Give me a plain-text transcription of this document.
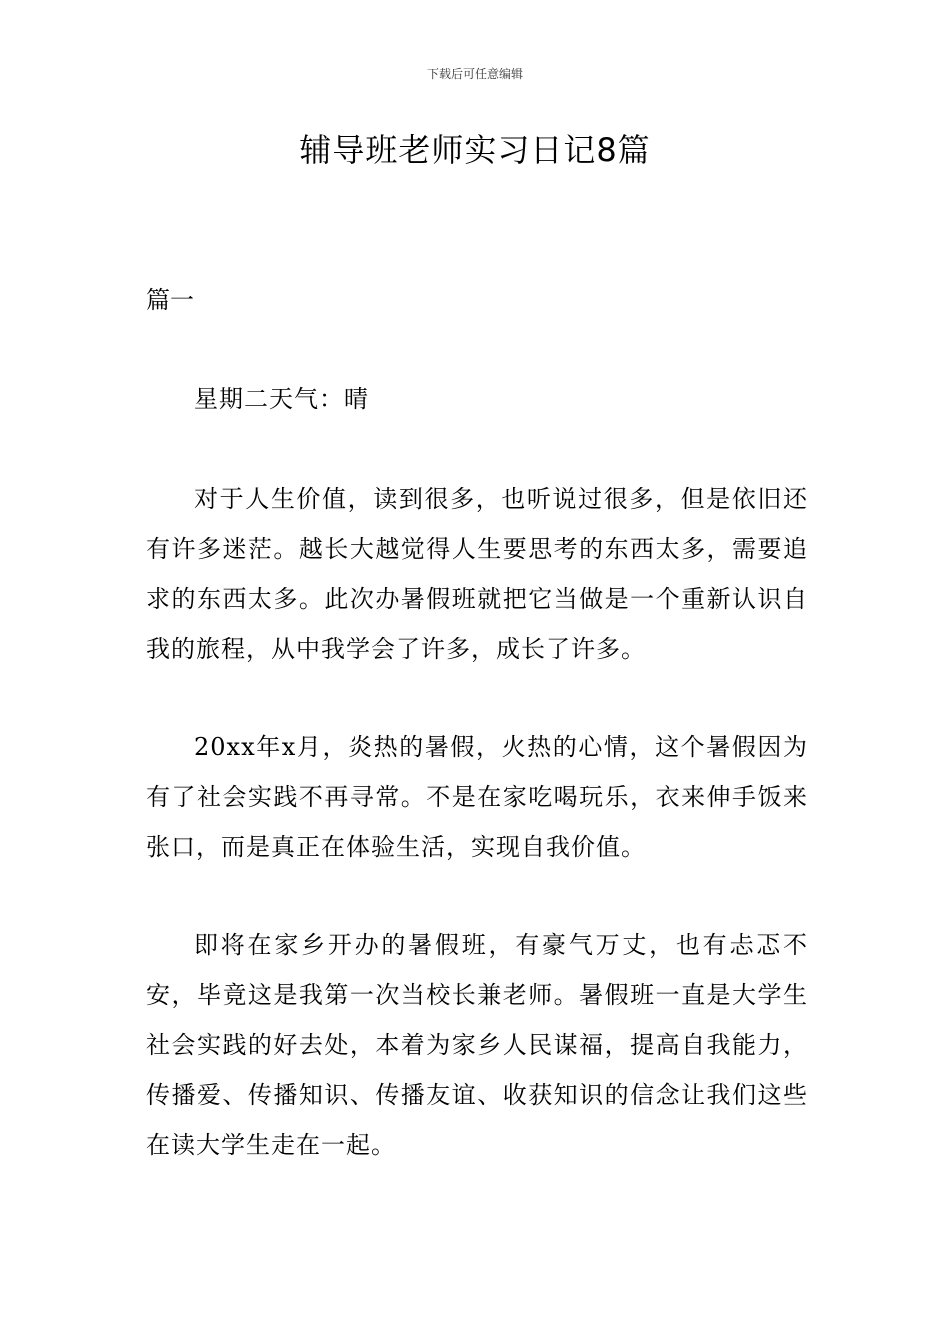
下载后可任意编辑
辅导班老师实习日记8篇
篇一

星期二天气：晴

对于人生价值，读到很多，也听说过很多，但是依旧还有许多迷茫。越长大越觉得人生要思考的东西太多，需要追求的东西太多。此次办暑假班就把它当做是一个重新认识自我的旅程，从中我学会了许多，成长了许多。

20xx年x月，炎热的暑假，火热的心情，这个暑假因为有了社会实践不再寻常。不是在家吃喝玩乐，衣来伸手饭来张口，而是真正在体验生活，实现自我价值。

即将在家乡开办的暑假班，有豪气万丈，也有忐忑不安，毕竟这是我第一次当校长兼老师。暑假班一直是大学生社会实践的好去处，本着为家乡人民谋福，提高自我能力，传播爱、传播知识、传播友谊、收获知识的信念让我们这些在读大学生走在一起。
